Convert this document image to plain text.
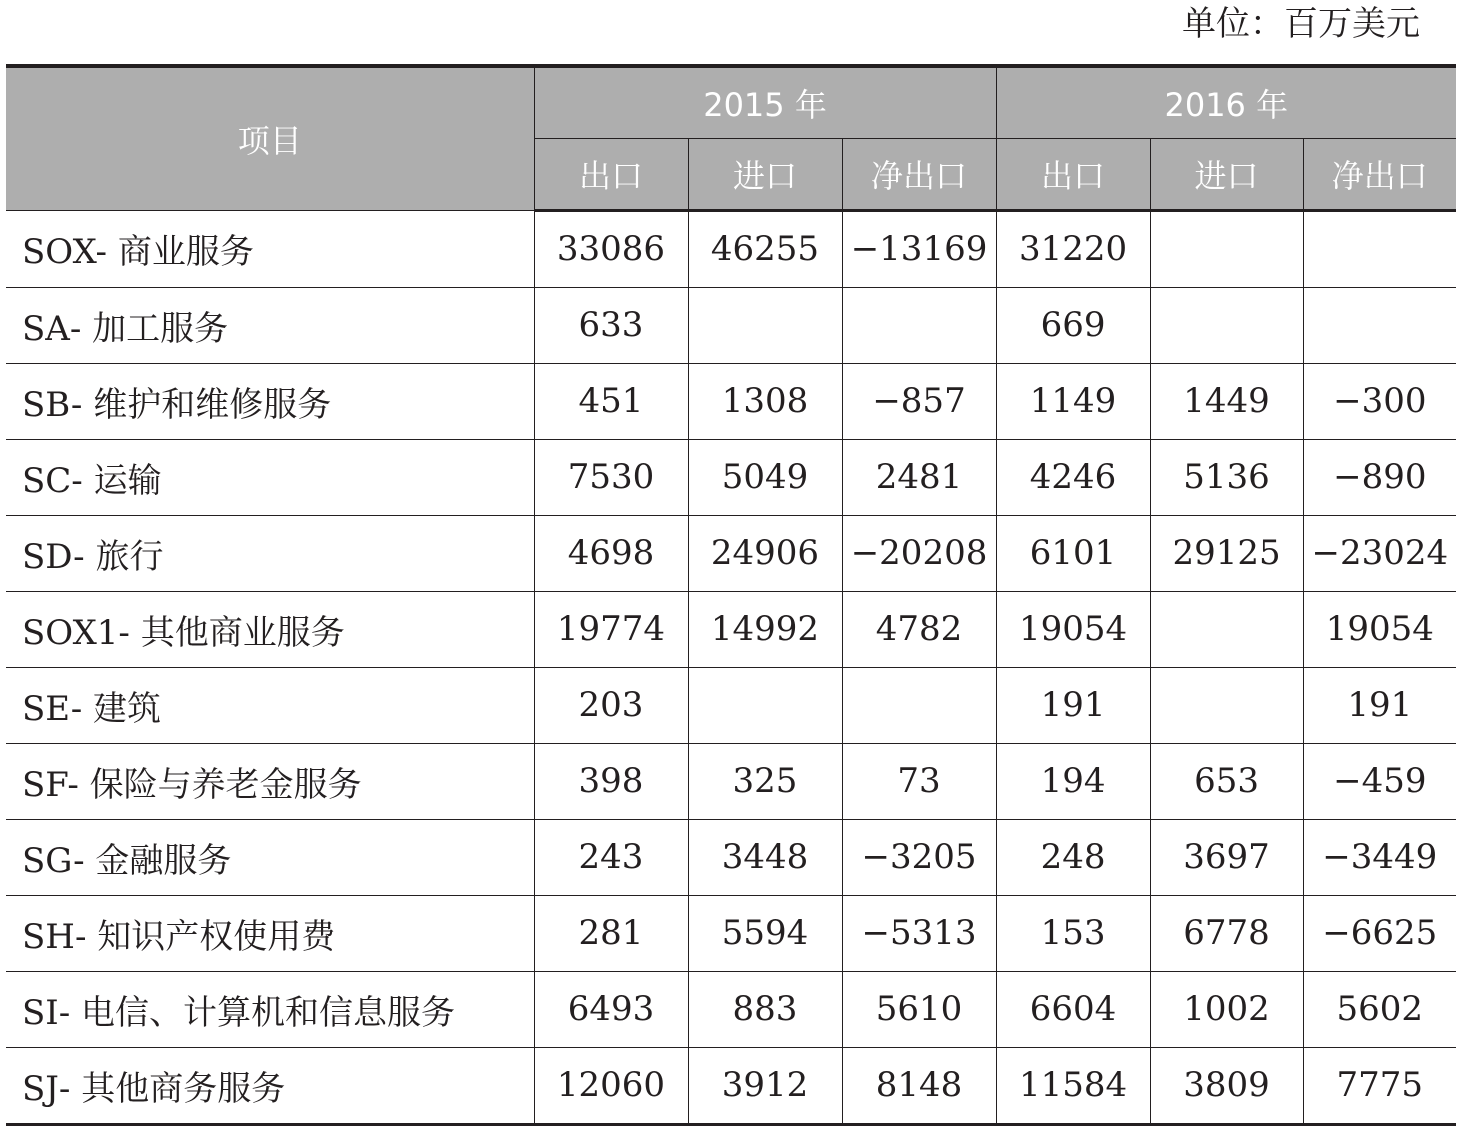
单位：百万美元
项目	2015 年			2016 年		
	出口	进口	净出口	出口	进口	净出口
SOX- 商业服务	33086	46255	−13169	31220		
SA- 加工服务	633			669		
SB- 维护和维修服务	451	1308	−857	1149	1449	−300
SC- 运输	7530	5049	2481	4246	5136	−890
SD- 旅行	4698	24906	−20208	6101	29125	−23024
SOX1- 其他商业服务	19774	14992	4782	19054		19054
SE- 建筑	203			191		191
SF- 保险与养老金服务	398	325	73	194	653	−459
SG- 金融服务	243	3448	−3205	248	3697	−3449
SH- 知识产权使用费	281	5594	−5313	153	6778	−6625
SI- 电信、计算机和信息服务	6493	883	5610	6604	1002	5602
SJ- 其他商务服务	12060	3912	8148	11584	3809	7775
